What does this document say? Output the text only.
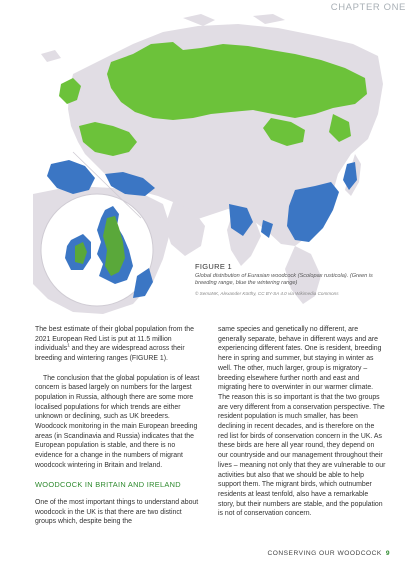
CHAPTER ONE
FIGURE 1
Global distribution of Eurasian woodcock (Scolopax rusticola). (Green is breeding range, blue the wintering range)
© SemaNK, Alexander Kürthy, CC BY-SA 4.0 via Wikimedia Commons

The best estimate of their global population from the 2021 European Red List is put at 11.5 million individuals$^1$ and they are widespread across their breeding and wintering ranges (FIGURE 1).

The conclusion that the global population is of least concern is based largely on numbers for the largest population in Russia, although there are some more localised populations for which trends are either unknown or declining, such as UK breeders. Woodcock monitoring in the main European breeding areas (in Scandinavia and Russia) indicates that the European population is stable, and there is no evidence for a change in the numbers of migrant woodcock wintering in Britain and Ireland.

WOODCOCK IN BRITAIN AND IRELAND

One of the most important things to understand about woodcock in the UK is that there are two distinct groups which, despite being the

same species and genetically no different, are generally separate, behave in different ways and are experiencing different fates. One is resident, breeding here in spring and summer, but staying in winter as well. The other, much larger, group is migratory – breeding elsewhere further north and east and migrating here to overwinter in our warmer climate. The reason this is so important is that the two groups are very different from a conservation perspective. The resident population is much smaller, has been declining in recent decades, and is therefore on the red list for birds of conservation concern in the UK. As these birds are here all year round, they depend on our countryside and our management throughout their lives – meaning not only that they are vulnerable to our activities but also that we should be able to help support them. The migrant birds, which outnumber residents at least tenfold, also have a remarkable story, but their numbers are stable, and the population is not of conservation concern.

CONSERVING OUR WOODCOCK 9
